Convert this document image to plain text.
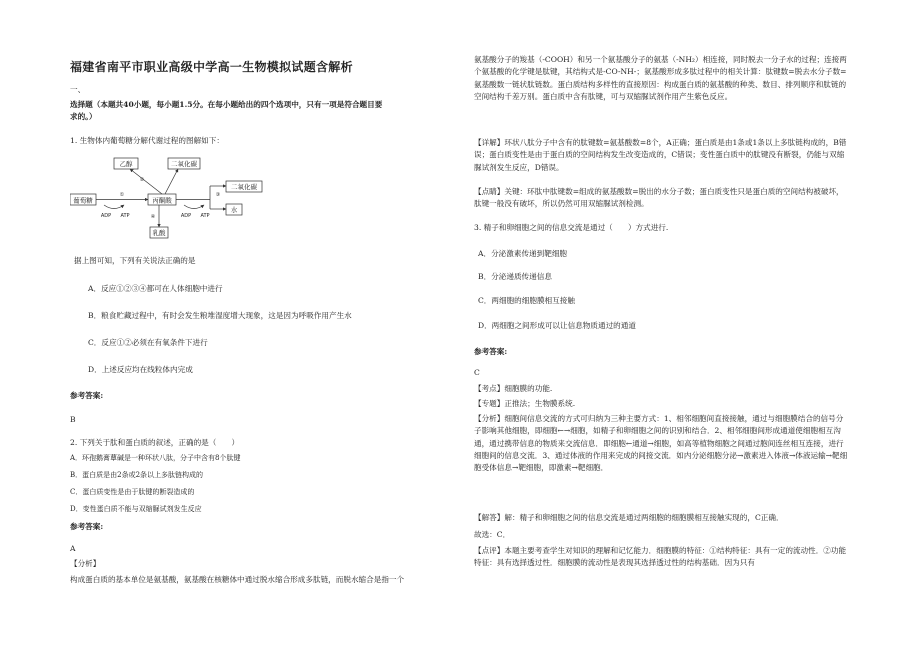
福建省南平市职业高级中学高一生物模拟试题含解析
一、
选择题（本题共40小题，每小题1.5分。在每小题给出的四个选项中，只有一项是符合题目要
求的。）
1. 生物体内葡萄糖分解代谢过程的图解如下：
葡萄糖
乙醇	二氧化碳
丙酮酸
二氧化碳
水
乳酸
ADP ATP	ADP ATP
①
②
③
④
据上图可知，下列有关说法正确的是
A．反应①②③④都可在人体细胞中进行
B．粮食贮藏过程中，有时会发生粮堆湿度增大现象，这是因为呼吸作用产生水
C．反应①②必须在有氧条件下进行
D．上述反应均在线粒体内完成
参考答案:
B
2. 下列关于肽和蛋白质的叙述，正确的是（　　）
A．环孢鹅膏蕈碱是一种环状八肽，分子中含有8个肽键
B．蛋白质是由2条或2条以上多肽链构成的
C．蛋白质变性是由于肽键的断裂造成的
D．变性蛋白质不能与双缩脲试剂发生反应
参考答案:
A
【分析】
构成蛋白质的基本单位是氨基酸，氨基酸在核糖体中通过脱水缩合形成多肽链，而脱水缩合是指一个
氨基酸分子的羧基（-COOH）和另一个氨基酸分子的氨基（-NH₂）相连接，同时脱去一分子水的过程；连接两个氨基酸的化学键是肽键，其结构式是-CO-NH-；氨基酸形成多肽过程中的相关计算：肽键数=脱去水分子数=氨基酸数一链状肽链数。蛋白质结构多样性的直接原因：构成蛋白质的氨基酸的种类、数目、排列顺序和肽链的空间结构千差万别。蛋白质中含有肽键，可与双缩脲试剂作用产生紫色反应。
【详解】环状八肽分子中含有的肽键数=氨基酸数=8个，A正确；蛋白质是由1条或1条以上多肽链构成的，B错误；蛋白质变性是由于蛋白质的空间结构发生改变造成的，C错误；变性蛋白质中的肽键没有断裂，仍能与双缩脲试剂发生反应，D错误。
【点睛】关键：环肽中肽键数=组成的氨基酸数=脱出的水分子数；蛋白质变性只是蛋白质的空间结构被破坏，肽键一般没有破坏，所以仍然可用双缩脲试剂检测。
3. 精子和卵细胞之间的信息交流是通过（　　）方式进行.
A．分泌激素传递到靶细胞
B．分泌递质传递信息
C．两细胞的细胞膜相互接触
D．两细胞之间形成可以让信息物质通过的通道
参考答案:
C
【考点】细胞膜的功能.
【专题】正推法；生物膜系统.
【分析】细胞间信息交流的方式可归纳为三种主要方式：1、相邻细胞间直接接触，通过与细胞膜结合的信号分子影响其他细胞，即细胞←→细胞，如精子和卵细胞之间的识别和结合．2、相邻细胞间形成通道使细胞相互沟通，通过携带信息的物质来交流信息．即细胞←通道→细胞，如高等植物细胞之间通过胞间连丝相互连接，进行细胞间的信息交流．3、通过体液的作用来完成的间接交流．如内分泌细胞分泌→激素进入体液→体液运输→靶细胞受体信息→靶细胞，即激素→靶细胞．
【解答】解：精子和卵细胞之间的信息交流是通过两细胞的细胞膜相互接触实现的，C正确．
故选：C．
【点评】本题主要考查学生对知识的理解和记忆能力．细胞膜的特征：①结构特征：具有一定的流动性．②功能特征：具有选择透过性．细胞膜的流动性是表现其选择透过性的结构基础．因为只有
